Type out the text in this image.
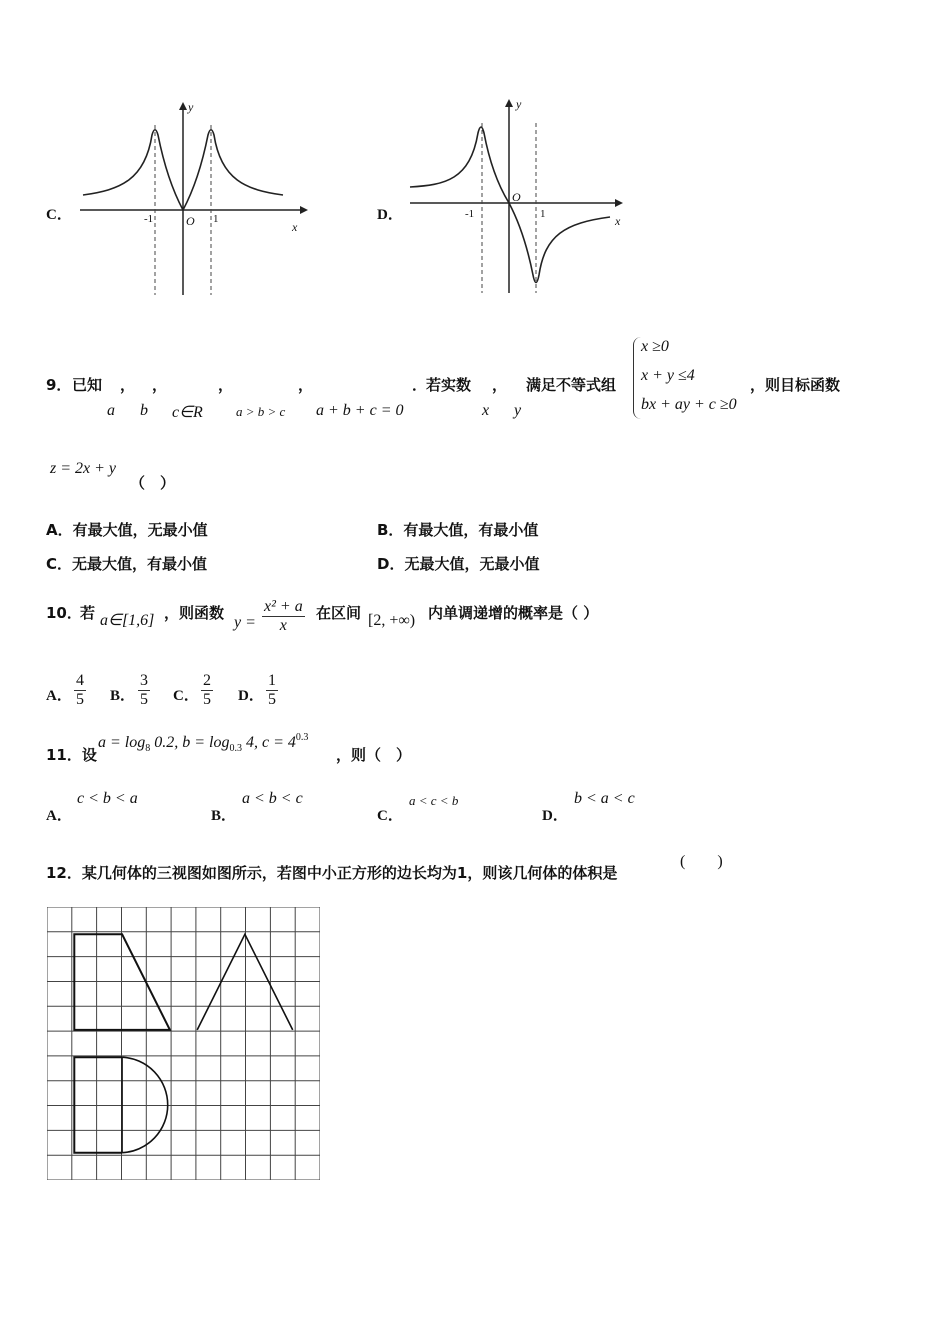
C．
x
y
O
-1	1	D．	x
y
O
-1	1
9． 已知 ， ，	，	，	．
若实数 ， 满足不等式组	，则目标函数
a b c∈R	a > b > c a + b + c = 0	x y
x ≥0
x + y ≤4
bx + ay + c ≥0
z = 2x + y
（　）
A．有最大值，无最小值	B．有最大值，有最小值
C．无最大值，有最小值	D．无最大值，无最小值
10．
若 a∈[1,6] ，则函数
$y = \frac{\text{x² + a}}{x}$ 在区间 [2, +∞) 内单调递增的概率是（ ）
A． $\frac{4}{5}$ B． $\frac{3}{5}$ C． $\frac{2}{5}$ D． $\frac{1}{5}$
11．设
$a = \log_8 0.2$, $b = \log_{0.3} 4$, $c = 4^{0.3}$
，则（　）
A．
c < b < a
B．
a < b < c
C．
a < c < b
D．
b < a < c
12．某几何体的三视图如图所示，若图中小正方形的边长均为1，则该几何体的体积是
(　　)
